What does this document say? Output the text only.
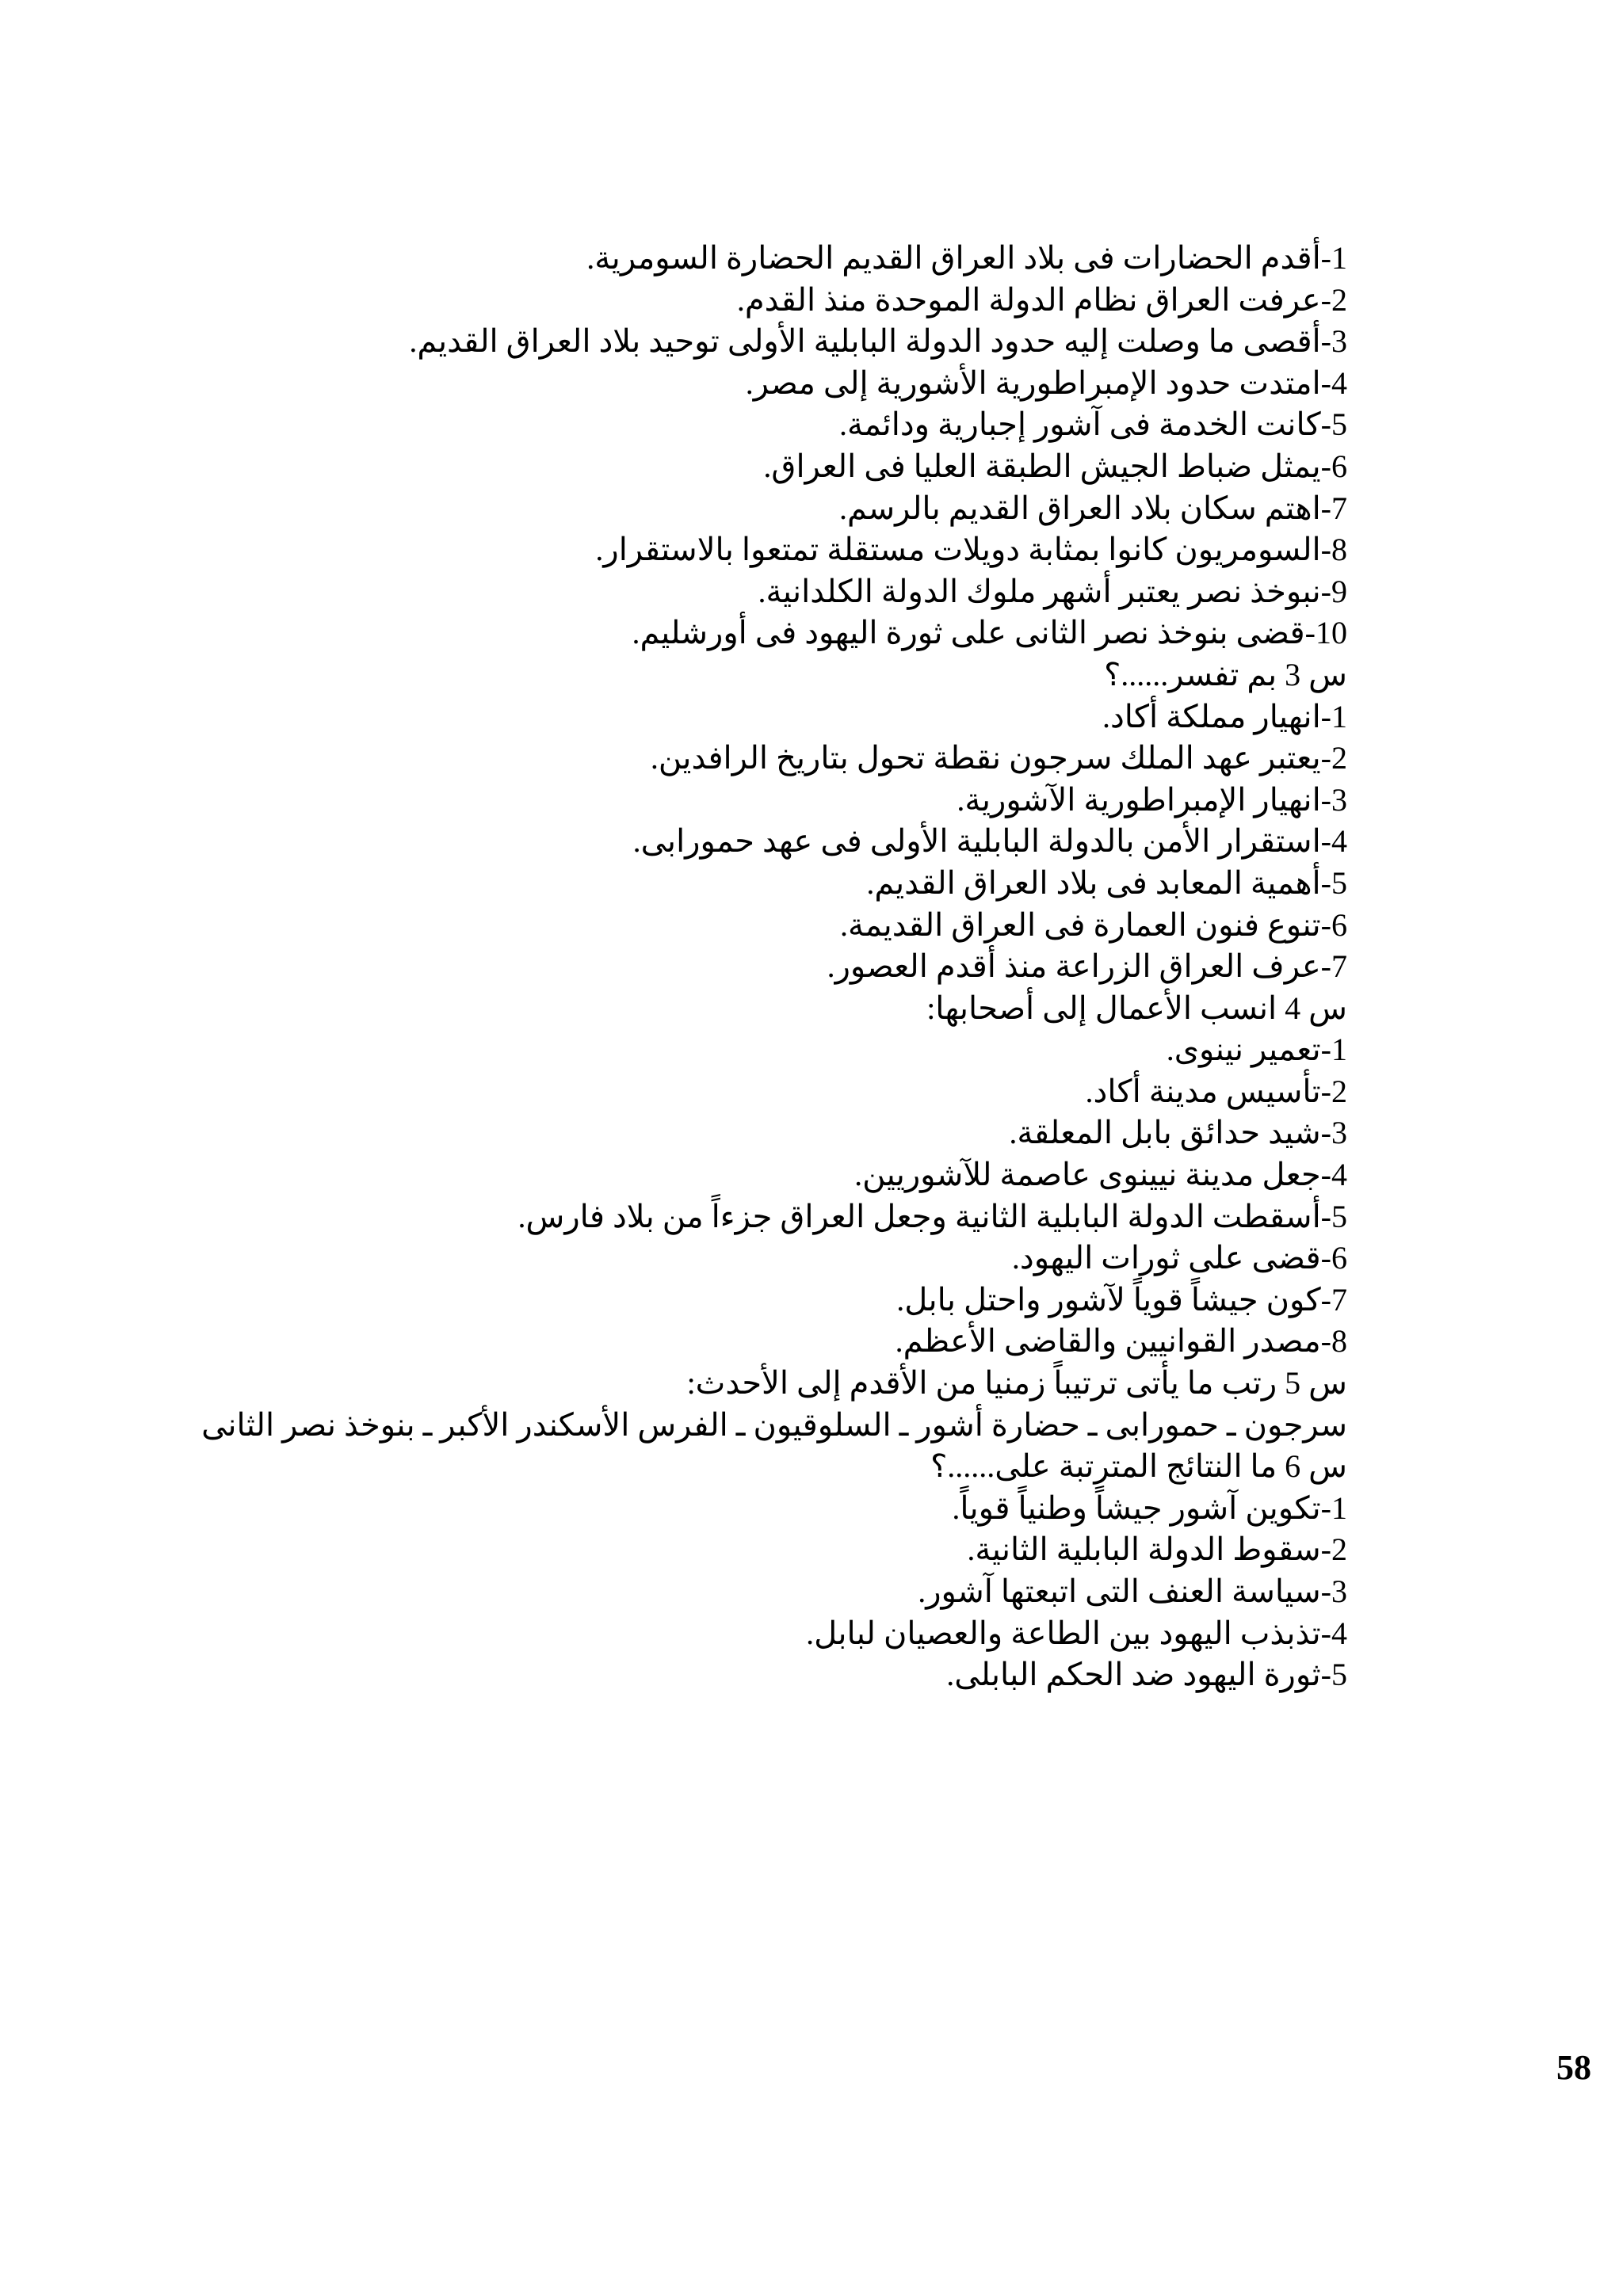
1-أقدم الحضارات فى بلاد العراق القديم الحضارة السومرية.
2-عرفت العراق نظام الدولة الموحدة منذ القدم.
3-أقصى ما وصلت إليه حدود الدولة البابلية الأولى توحيد بلاد العراق القديم.
4-امتدت حدود الإمبراطورية الأشورية إلى مصر.
5-كانت الخدمة فى آشور إجبارية ودائمة.
6-يمثل ضباط الجيش الطبقة العليا فى العراق.
7-اهتم سكان بلاد العراق القديم بالرسم.
8-السومريون كانوا بمثابة دويلات مستقلة تمتعوا بالاستقرار.
9-نبوخذ نصر يعتبر أشهر ملوك الدولة الكلدانية.
10-قضى بنوخذ نصر الثانى على ثورة اليهود فى أورشليم.
س 3 بم تفسر......؟
1-انهيار مملكة أكاد.
2-يعتبر عهد الملك سرجون نقطة تحول بتاريخ الرافدين.
3-انهيار الإمبراطورية الآشورية.
4-استقرار الأمن بالدولة البابلية الأولى فى عهد حمورابى.
5-أهمية المعابد فى بلاد العراق القديم.
6-تنوع فنون العمارة فى العراق القديمة.
7-عرف العراق الزراعة منذ أقدم العصور.
س 4 انسب الأعمال إلى أصحابها:
1-تعمير نينوى.
2-تأسيس مدينة أكاد.
3-شيد حدائق بابل المعلقة.
4-جعل مدينة نيينوى عاصمة للآشوريين.
5-أسقطت الدولة البابلية الثانية وجعل العراق جزءاً من بلاد فارس.
6-قضى على ثورات اليهود.
7-كون جيشاً قوياً لآشور واحتل بابل.
8-مصدر القوانيين والقاضى الأعظم.
س 5 رتب ما يأتى ترتيباً زمنيا من الأقدم إلى الأحدث:
سرجون ـ حمورابى ـ حضارة أشور ـ السلوقيون ـ الفرس الأسكندر الأكبر ـ بنوخذ نصر الثانى
س 6 ما النتائج المترتبة على......؟
1-تكوين آشور جيشاً وطنياً قوياً.
2-سقوط الدولة البابلية الثانية.
3-سياسة العنف التى اتبعتها آشور.
4-تذبذب اليهود بين الطاعة والعصيان لبابل.
5-ثورة اليهود ضد الحكم البابلى.
58
